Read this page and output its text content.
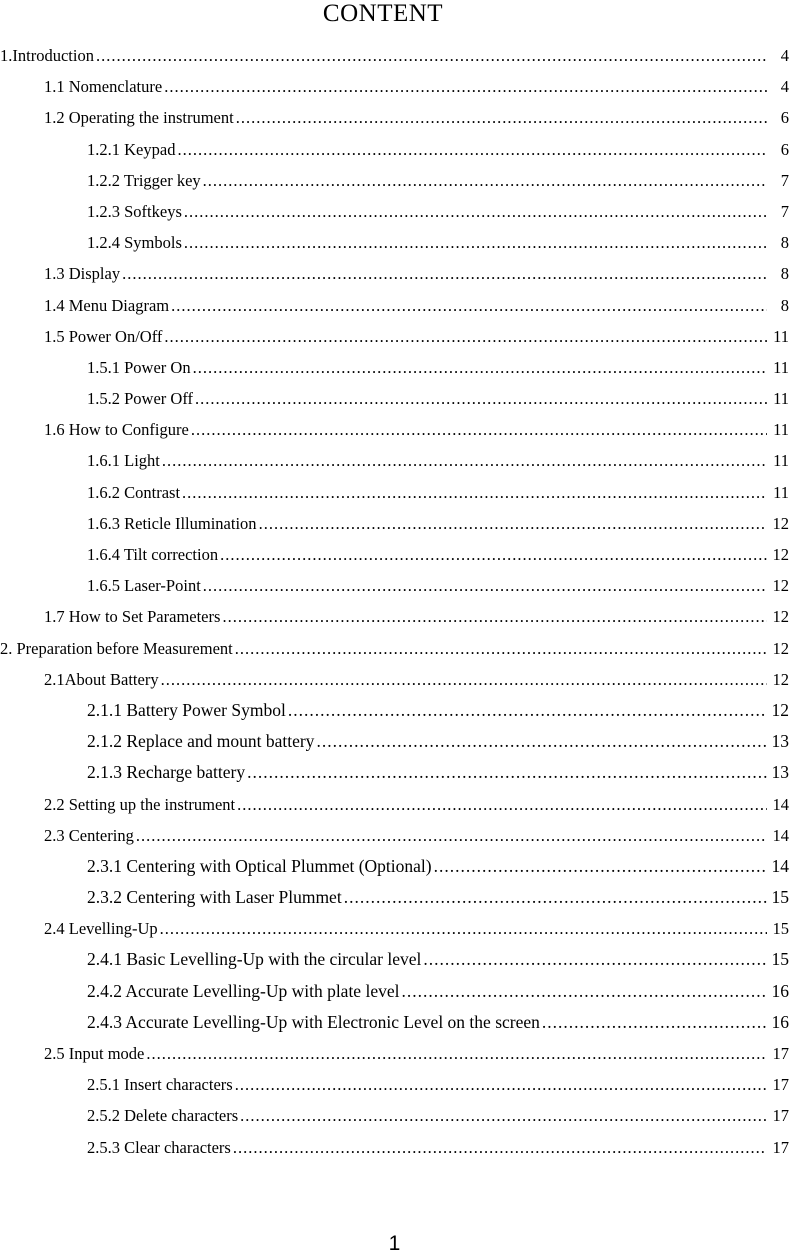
CONTENT
1.Introduction .....	4
1.1 Nomenclature .....	4
1.2 Operating the instrument .....	6
1.2.1 Keypad .....	6
1.2.2 Trigger key .....	7
1.2.3 Softkeys .....	7
1.2.4 Symbols .....	8
1.3 Display .....	8
1.4 Menu Diagram .....	8
1.5 Power On/Off .....	11
1.5.1 Power On .....	11
1.5.2 Power Off .....	11
1.6 How to Configure .....	11
1.6.1 Light .....	11
1.6.2 Contrast .....	11
1.6.3 Reticle Illumination .....	12
1.6.4 Tilt correction .....	12
1.6.5 Laser-Point .....	12
1.7 How to Set Parameters .....	12
2. Preparation before Measurement .....	12
2.1About Battery .....	12
2.1.1 Battery Power Symbol .....	12
2.1.2 Replace and mount battery .....	13
2.1.3 Recharge battery .....	13
2.2 Setting up the instrument .....	14
2.3 Centering .....	14
2.3.1 Centering with Optical Plummet (Optional) .....	14
2.3.2 Centering with Laser Plummet .....	15
2.4 Levelling-Up .....	15
2.4.1 Basic Levelling-Up with the circular level .....	15
2.4.2 Accurate Levelling-Up with plate level .....	16
2.4.3 Accurate Levelling-Up with Electronic Level on the screen .....	16
2.5 Input mode .....	17
2.5.1 Insert characters .....	17
2.5.2 Delete characters .....	17
2.5.3 Clear characters .....	17
1
